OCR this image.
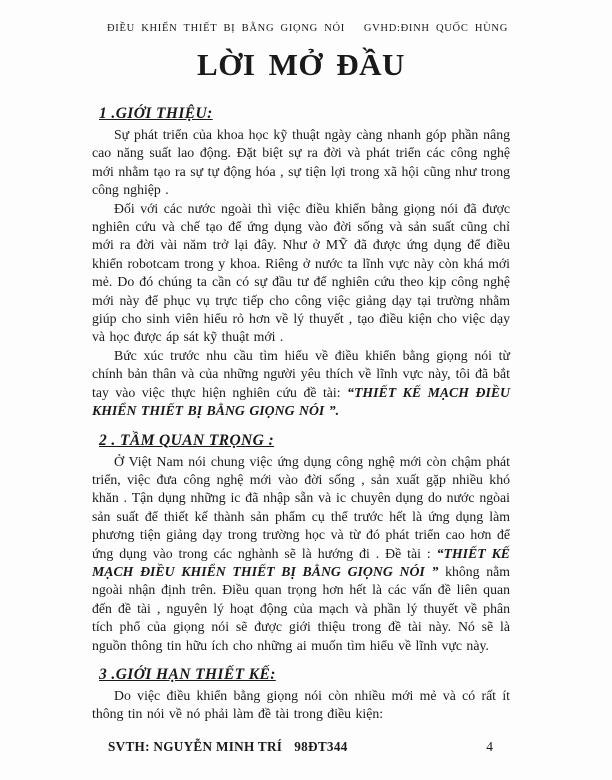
ĐIỀU KHIỂN THIẾT BỊ BẰNG GIỌNG NÓI GVHD:ĐINH QUỐC HÙNG
LỜI MỞ ĐẦU
1 .GIỚI THIỆU:

Sự phát triển của khoa học kỹ thuật ngày càng nhanh góp phần nâng cao năng suất lao động. Đặt biệt sự ra đời và phát triển các công nghệ mới nhằm tạo ra sự tự động hóa , sự tiện lợi trong xã hội cũng như trong công nghiệp .

Đối với các nước ngoài thì việc điều khiển bằng giọng nói đã được nghiên cứu và chế tạo để ứng dụng vào đời sống và sản suất cũng chỉ mới ra đời vài năm trở lại đây. Như ở MỸ đã được ứng dụng để điều khiển robotcam trong y khoa. Riêng ở nước ta lĩnh vực này còn khá mới mẻ. Do đó chúng ta cần có sự đầu tư để nghiên cứu theo kịp công nghệ mới này để phục vụ trực tiếp cho công việc giảng dạy tại trường nhằm giúp cho sinh viên hiểu rỏ hơn về lý thuyết , tạo điều kiện cho việc dạy và học được áp sát kỹ thuật mới .

Bức xúc trước nhu cầu tìm hiểu về điều khiển bằng giọng nói từ chính bản thân và của những người yêu thích về lĩnh vực này, tôi đã bắt tay vào việc thực hiện nghiên cứu đề tài: “THIẾT KẾ MẠCH ĐIỀU KHIỂN THIẾT BỊ BẰNG GIỌNG NÓI ”.

2 . TẦM QUAN TRỌNG :

Ở Việt Nam nói chung việc ứng dụng công nghệ mới còn chậm phát triển, việc đưa công nghệ mới vào đời sống , sản xuất gặp nhiều khó khăn . Tận dụng những ic đã nhập sẵn và ic chuyên dụng do nước ngòai sản suất để thiết kế thành sản phẩm cụ thể trước hết là ứng dụng làm phương tiện giảng dạy trong trường học và từ đó phát triển cao hơn để ứng dụng vào trong các nghành sẽ là hướng đi . Đề tài : “THIẾT KẾ MẠCH ĐIỀU KHIỂN THIẾT BỊ BẰNG GIỌNG NÓI ” không nằm ngoài nhận định trên. Điều quan trọng hơn hết là các vấn đề liên quan đến đề tài , nguyên lý hoạt động của mạch và phần lý thuyết về phân tích phổ của giọng nói sẽ được giới thiệu trong đề tài này. Nó sẽ là nguồn thông tin hữu ích cho những ai muốn tìm hiểu về lĩnh vực này.

3 .GIỚI HẠN THIẾT KẾ:

Do việc điều khiển bằng giọng nói còn nhiều mới mẻ và có rất ít thông tin nói về nó phải làm đề tài trong điều kiện:

SVTH: NGUYỄN MINH TRÍ 98ĐT344	4
